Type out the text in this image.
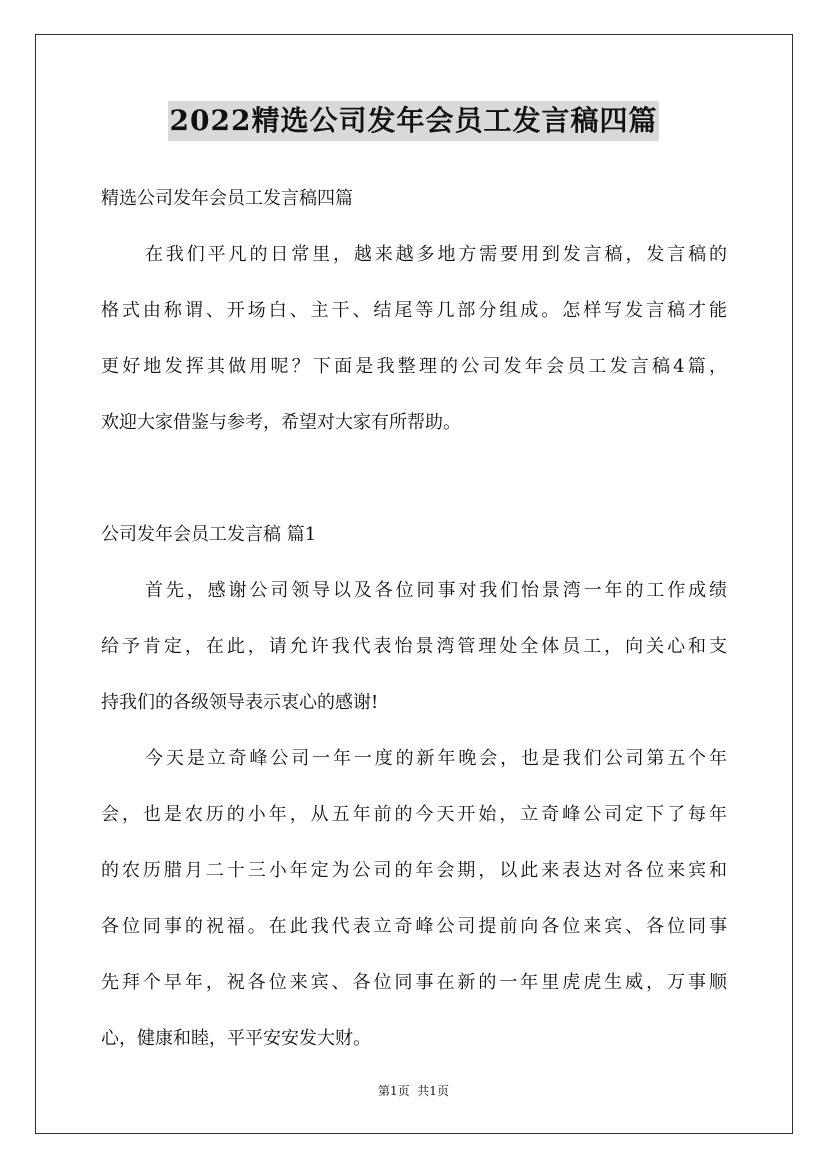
2022精选公司发年会员工发言稿四篇
精选公司发年会员工发言稿四篇
在我们平凡的日常里，越来越多地方需要用到发言稿，发言稿的
格式由称谓、开场白、主干、结尾等几部分组成。怎样写发言稿才能
更好地发挥其做用呢？下面是我整理的公司发年会员工发言稿4篇，
欢迎大家借鉴与参考，希望对大家有所帮助。
公司发年会员工发言稿 篇1
首先，感谢公司领导以及各位同事对我们怡景湾一年的工作成绩
给予肯定，在此，请允许我代表怡景湾管理处全体员工，向关心和支
持我们的各级领导表示衷心的感谢!
今天是立奇峰公司一年一度的新年晚会，也是我们公司第五个年
会，也是农历的小年，从五年前的今天开始，立奇峰公司定下了每年
的农历腊月二十三小年定为公司的年会期，以此来表达对各位来宾和
各位同事的祝福。在此我代表立奇峰公司提前向各位来宾、各位同事
先拜个早年，祝各位来宾、各位同事在新的一年里虎虎生威，万事顺
心，健康和睦，平平安安发大财。
第1页  共1页
